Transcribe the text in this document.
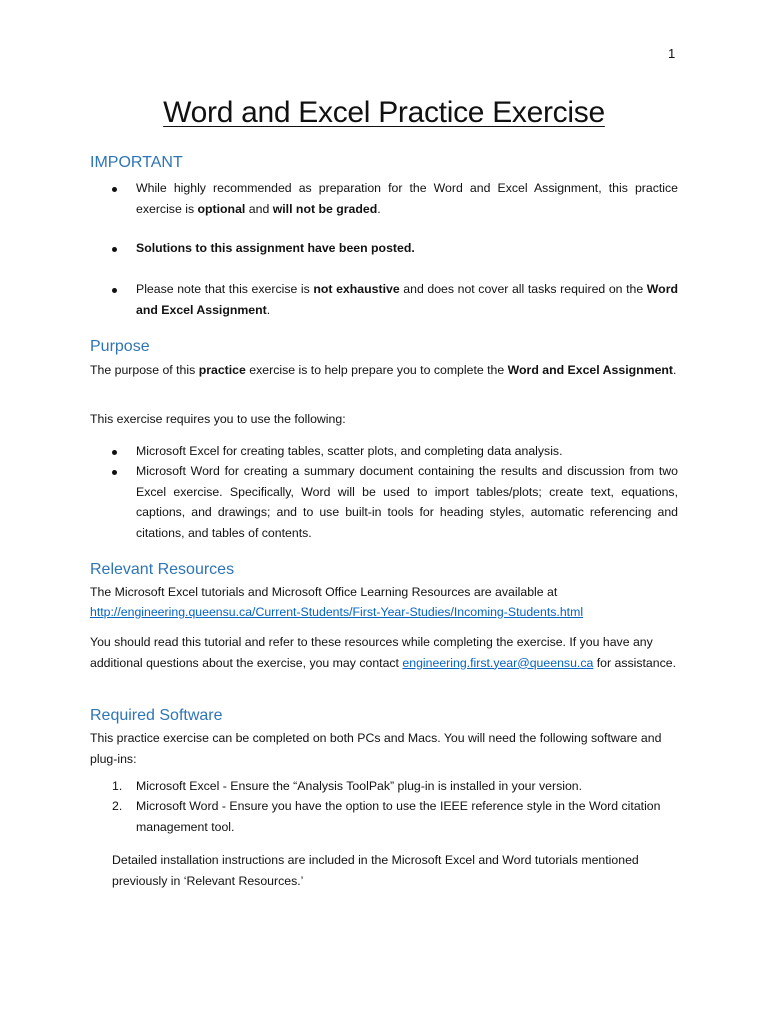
1
Word and Excel Practice Exercise
IMPORTANT
While highly recommended as preparation for the Word and Excel Assignment, this practice exercise is optional and will not be graded.
Solutions to this assignment have been posted.
Please note that this exercise is not exhaustive and does not cover all tasks required on the Word and Excel Assignment.
Purpose

The purpose of this practice exercise is to help prepare you to complete the Word and Excel Assignment.

This exercise requires you to use the following:

Microsoft Excel for creating tables, scatter plots, and completing data analysis.
Microsoft Word for creating a summary document containing the results and discussion from two Excel exercise. Specifically, Word will be used to import tables/plots; create text, equations, captions, and drawings; and to use built-in tools for heading styles, automatic referencing and citations, and tables of contents.
Relevant Resources

The Microsoft Excel tutorials and Microsoft Office Learning Resources are available at

http://engineering.queensu.ca/Current-Students/First-Year-Studies/Incoming-Students.html

You should read this tutorial and refer to these resources while completing the exercise. If you have any additional questions about the exercise, you may contact engineering.first.year@queensu.ca for assistance.

Required Software

This practice exercise can be completed on both PCs and Macs. You will need the following software and plug-ins:

1. Microsoft Excel - Ensure the “Analysis ToolPak” plug-in is installed in your version.
2. Microsoft Word - Ensure you have the option to use the IEEE reference style in the Word citation management tool.

Detailed installation instructions are included in the Microsoft Excel and Word tutorials mentioned previously in ‘Relevant Resources.’
